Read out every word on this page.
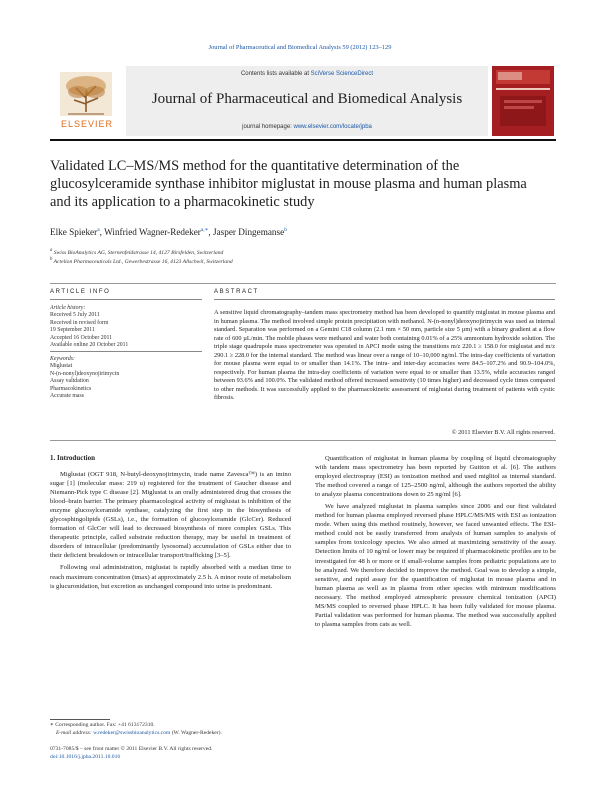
Journal of Pharmaceutical and Biomedical Analysis 59 (2012) 123–129
ELSEVIER
Contents lists available at SciVerse ScienceDirect
Journal of Pharmaceutical and Biomedical Analysis
journal homepage: www.elsevier.com/locate/jpba
Validated LC–MS/MS method for the quantitative determination of the glucosylceramide synthase inhibitor miglustat in mouse plasma and human plasma and its application to a pharmacokinetic study
Elke Spieker$^a$, Winfried Wagner-Redeker$^{a,∗}$, Jasper Dingemanse$^b$
$^a$ Swiss BioAnalytics AG, Sternenfeldstrasse 14, 4127 Birsfelden, Switzerland
$^b$ Actelion Pharmaceuticals Ltd., Gewerbestrasse 16, 4123 Allschwil, Switzerland
ARTICLE INFO
Article history:
Received 5 July 2011
Received in revised form
19 September 2011
Accepted 16 October 2011
Available online 20 October 2011
Keywords:
Miglustat
N-(n-nonyl)deoxynojirimycin
Assay validation
Pharmacokinetics
Accurate mass
ABSTRACT
A sensitive liquid chromatography–tandem mass spectrometry method has been developed to quantify miglustat in mouse plasma and in human plasma. The method involved simple protein precipitation with methanol. N-(n-nonyl)deoxynojirimycin was used as internal standard. Separation was performed on a Gemini C18 column (2.1 mm × 50 mm, particle size 5 µm) with a binary gradient at a flow rate of 600 µL/min. The mobile phases were methanol and water both containing 0.01% of a 25% ammonium hydroxide solution. The triple stage quadrupole mass spectrometer was operated in APCI mode using the transitions m/z 220.1 ≥ 158.0 for miglustat and m/z 290.1 ≥ 228.0 for the internal standard. The method was linear over a range of 10–10,000 ng/ml. The intra-day coefficients of variation for mouse plasma were equal to or smaller than 14.1%. The intra- and inter-day accuracies were 84.5–107.2% and 90.9–104.0%, respectively. For human plasma the intra-day coefficients of variation were equal to or smaller than 13.5%, while accuracies ranged between 93.6% and 100.0%. The validated method offered increased sensitivity (10 times higher) and decreased cycle times compared to other methods. It was successfully applied to the pharmacokinetic assessment of miglustat during treatment of patients with cystic fibrosis.
© 2011 Elsevier B.V. All rights reserved.
1. Introduction

Miglustat (OGT 918, N-butyl-deoxynojirimycin, trade name Zavesca™) is an imino sugar [1] (molecular mass: 219 u) registered for the treatment of Gaucher disease and Niemann-Pick type C disease [2]. Miglustat is an orally administered drug that crosses the blood–brain barrier. The primary pharmacological activity of miglustat is inhibition of the enzyme glucosylceramide synthase, catalyzing the first step in the biosynthesis of glycosphingolipids (GSLs), i.e., the formation of glucosylceramide (GlcCer). Reduced formation of GlcCer will lead to decreased biosynthesis of more complex GSLs. This therapeutic principle, called substrate reduction therapy, may be useful in treatment of disorders of intracellular (predominantly lysosomal) accumulation of GSLs either due to their deficient breakdown or intracellular transport/trafficking [3–5].

Following oral administration, miglustat is rapidly absorbed with a median time to reach maximum concentration (tmax) at approximately 2.5 h. A minor route of metabolism is glucuronidation, but excretion as unchanged compound into urine is predominant.

Quantification of miglustat in human plasma by coupling of liquid chromatography with tandem mass spectrometry has been reported by Guitton et al. [6]. The authors employed electrospray (ESI) as ionization method and used miglitol as internal standard. The method covered a range of 125–2500 ng/ml, although the authors reported the ability to analyze plasma concentrations down to 25 ng/ml [6].

We have analyzed miglustat in plasma samples since 2006 and our first validated method for human plasma employed reversed phase HPLC/MS/MS with ESI as ionization mode. When using this method routinely, however, we faced unwanted effects. The ESI-method could not be easily transferred from analysis of human samples to analysis of samples from toxicology species. We also aimed at maximizing sensitivity of the assay. Detection limits of 10 ng/ml or lower may be required if pharmacokinetic profiles are to be investigated for 48 h or more or if small-volume samples from pediatric populations are to be analyzed. We therefore decided to improve the method. Goal was to develop a simple, sensitive, and rapid assay for the quantification of miglustat in mouse plasma and in human plasma as well as in plasma from other species with minimum modifications necessary. The method employed atmospheric pressure chemical ionization (APCI) MS/MS coupled to reversed phase HPLC. It has been fully validated for mouse plasma. Partial validation was performed for human plasma. The method was successfully applied to plasma samples from cats as well.

∗ Corresponding author. Fax: +41 613172310.
E-mail address: w.redeker@swissbioanalytics.com (W. Wagner-Redeker).
0731-7085/$ – see front matter © 2011 Elsevier B.V. All rights reserved.
doi:10.1016/j.jpba.2011.10.016
